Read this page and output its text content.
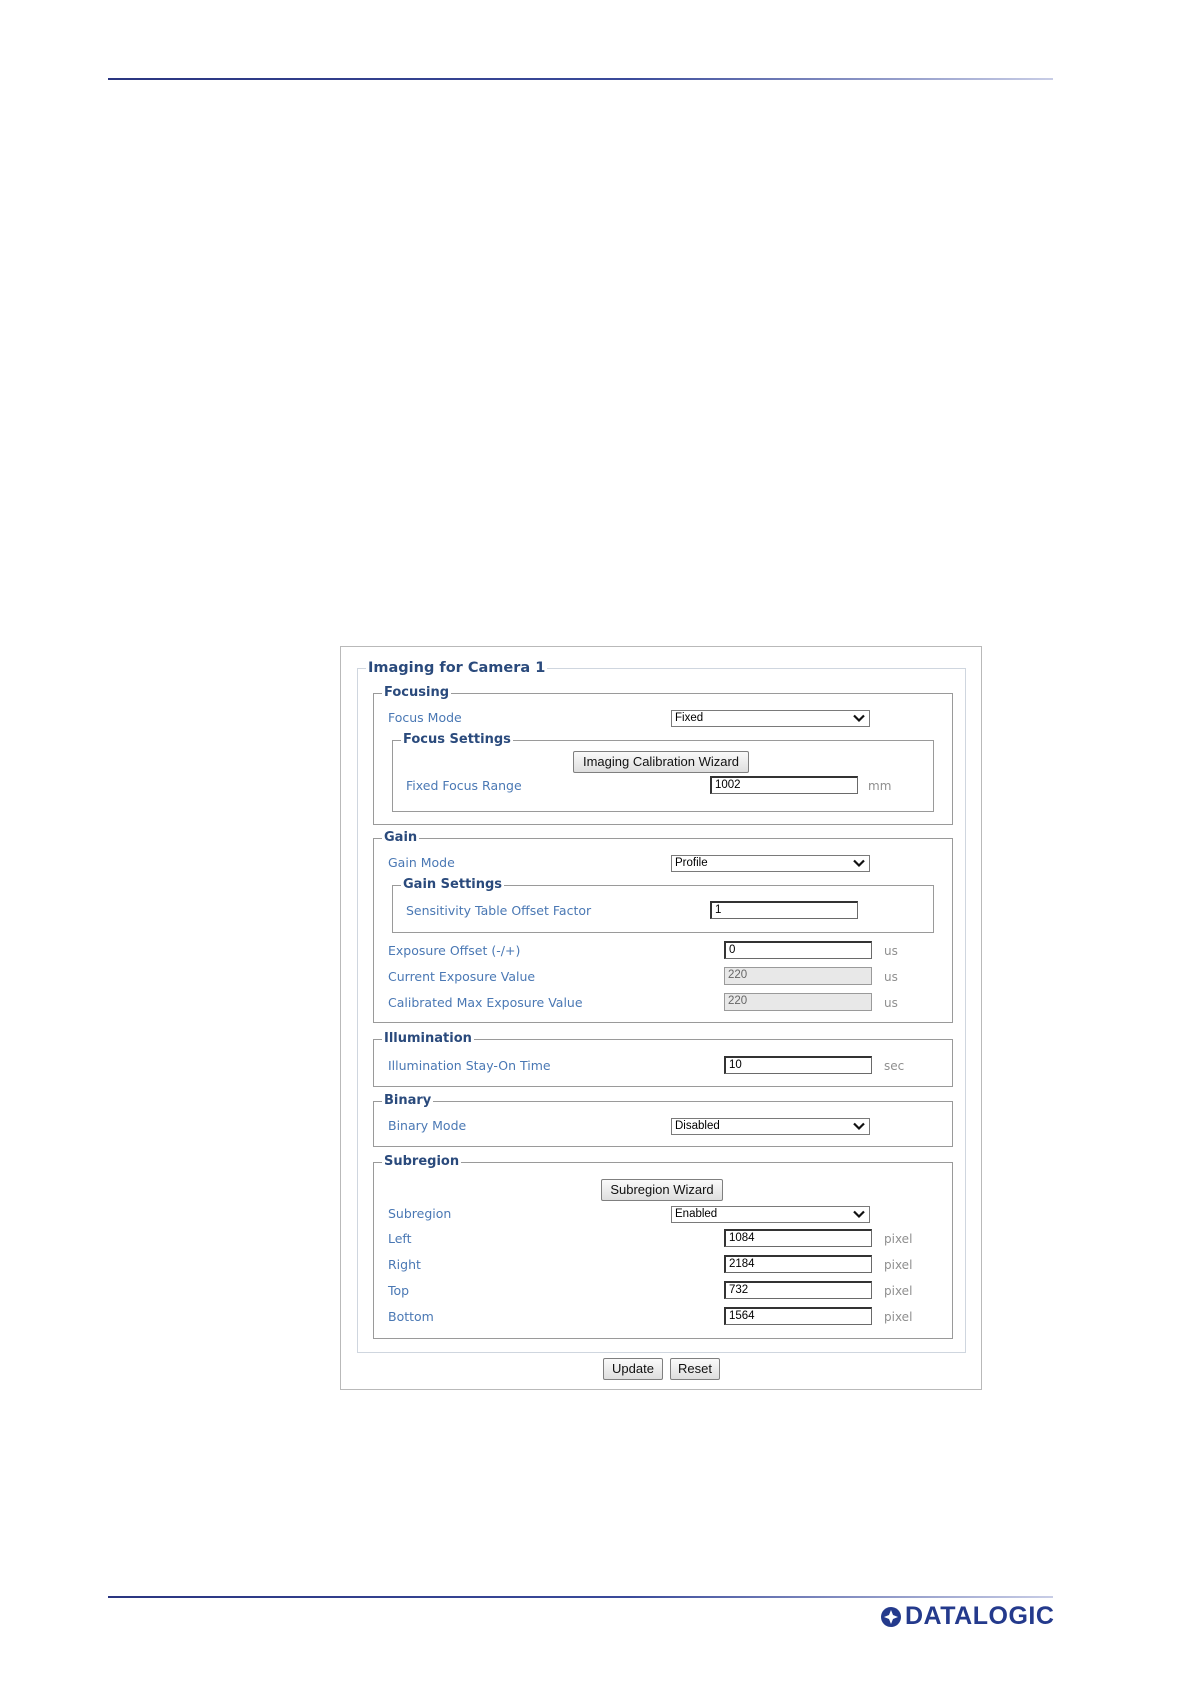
Imaging for Camera 1
Focusing
Focus Mode	Fixed
Focus Settings
Imaging Calibration Wizard
Fixed Focus Range	1002	mm
Gain
Gain Mode	Profile
Gain Settings
Sensitivity Table Offset Factor	1
Exposure Offset (-/+)	0	us
Current Exposure Value	220	us
Calibrated Max Exposure Value	220	us
Illumination
Illumination Stay-On Time	10	sec
Binary
Binary Mode	Disabled
Subregion
Subregion Wizard
Subregion	Enabled
Left	1084	pixel
Right	2184	pixel
Top	732	pixel
Bottom	1564	pixel
Update	Reset
DATALOGIC
